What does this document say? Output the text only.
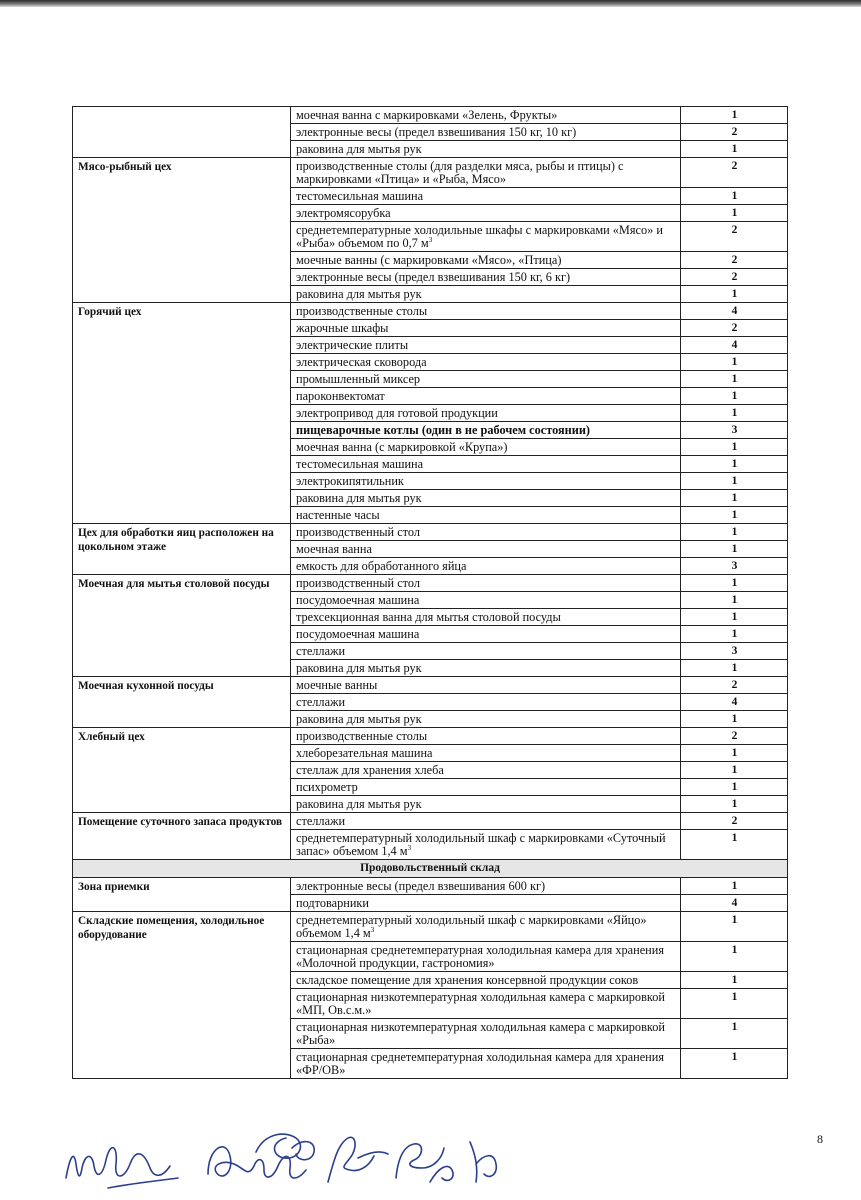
	моечная ванна с маркировками «Зелень, Фрукты»	1
	электронные весы (предел взвешивания 150 кг, 10 кг)	2
	раковина для мытья рук	1
Мясо-рыбный цех	производственные столы (для разделки мяса, рыбы и птицы) с маркировками «Птица» и «Рыба, Мясо»	2
	тестомесильная машина	1
	электромясорубка	1
	среднетемпературные холодильные шкафы с маркировками «Мясо» и «Рыба» объемом по 0,7 $м^3$	2
	моечные ванны (с маркировками «Мясо», «Птица)	2
	электронные весы (предел взвешивания 150 кг, 6 кг)	2
	раковина для мытья рук	1
Горячий цех	производственные столы	4
	жарочные шкафы	2
	электрические плиты	4
	электрическая сковорода	1
	промышленный миксер	1
	пароконвектомат	1
	электропривод для готовой продукции	1
	пищеварочные котлы (один в не рабочем состоянии)	3
	моечная ванна (с маркировкой «Крупа»)	1
	тестомесильная машина	1
	электрокипятильник	1
	раковина для мытья рук	1
	настенные часы	1
Цех для обработки яиц расположен на цокольном этаже	производственный стол	1
	моечная ванна	1
	емкость для обработанного яйца	3
Моечная для мытья столовой посуды	производственный стол	1
	посудомоечная машина	1
	трехсекционная ванна для мытья столовой посуды	1
	посудомоечная машина	1
	стеллажи	3
	раковина для мытья рук	1
Моечная кухонной посуды	моечные ванны	2
	стеллажи	4
	раковина для мытья рук	1
Хлебный цех	производственные столы	2
	хлеборезательная машина	1
	стеллаж для хранения хлеба	1
	психрометр	1
	раковина для мытья рук	1
Помещение суточного запаса продуктов	стеллажи	2
	среднетемпературный холодильный шкаф с маркировками «Суточный запас» объемом 1,4 $м^3$	1
Продовольственный склад		
Зона приемки	электронные весы (предел взвешивания 600 кг)	1
	подтоварники	4
Складские помещения, холодильное оборудование	среднетемпературный холодильный шкаф с маркировками «Яйцо» объемом 1,4 $м^3$	1
	стационарная среднетемпературная холодильная камера для хранения «Молочной продукции, гастрономия»	1
	складское помещение для хранения консервной продукции соков	1
	стационарная низкотемпературная холодильная камера с маркировкой «МП, Ов.с.м.»	1
	стационарная низкотемпературная холодильная камера с маркировкой «Рыба»	1
	стационарная среднетемпературная холодильная камера для хранения «ФР/ОВ»	1
8
